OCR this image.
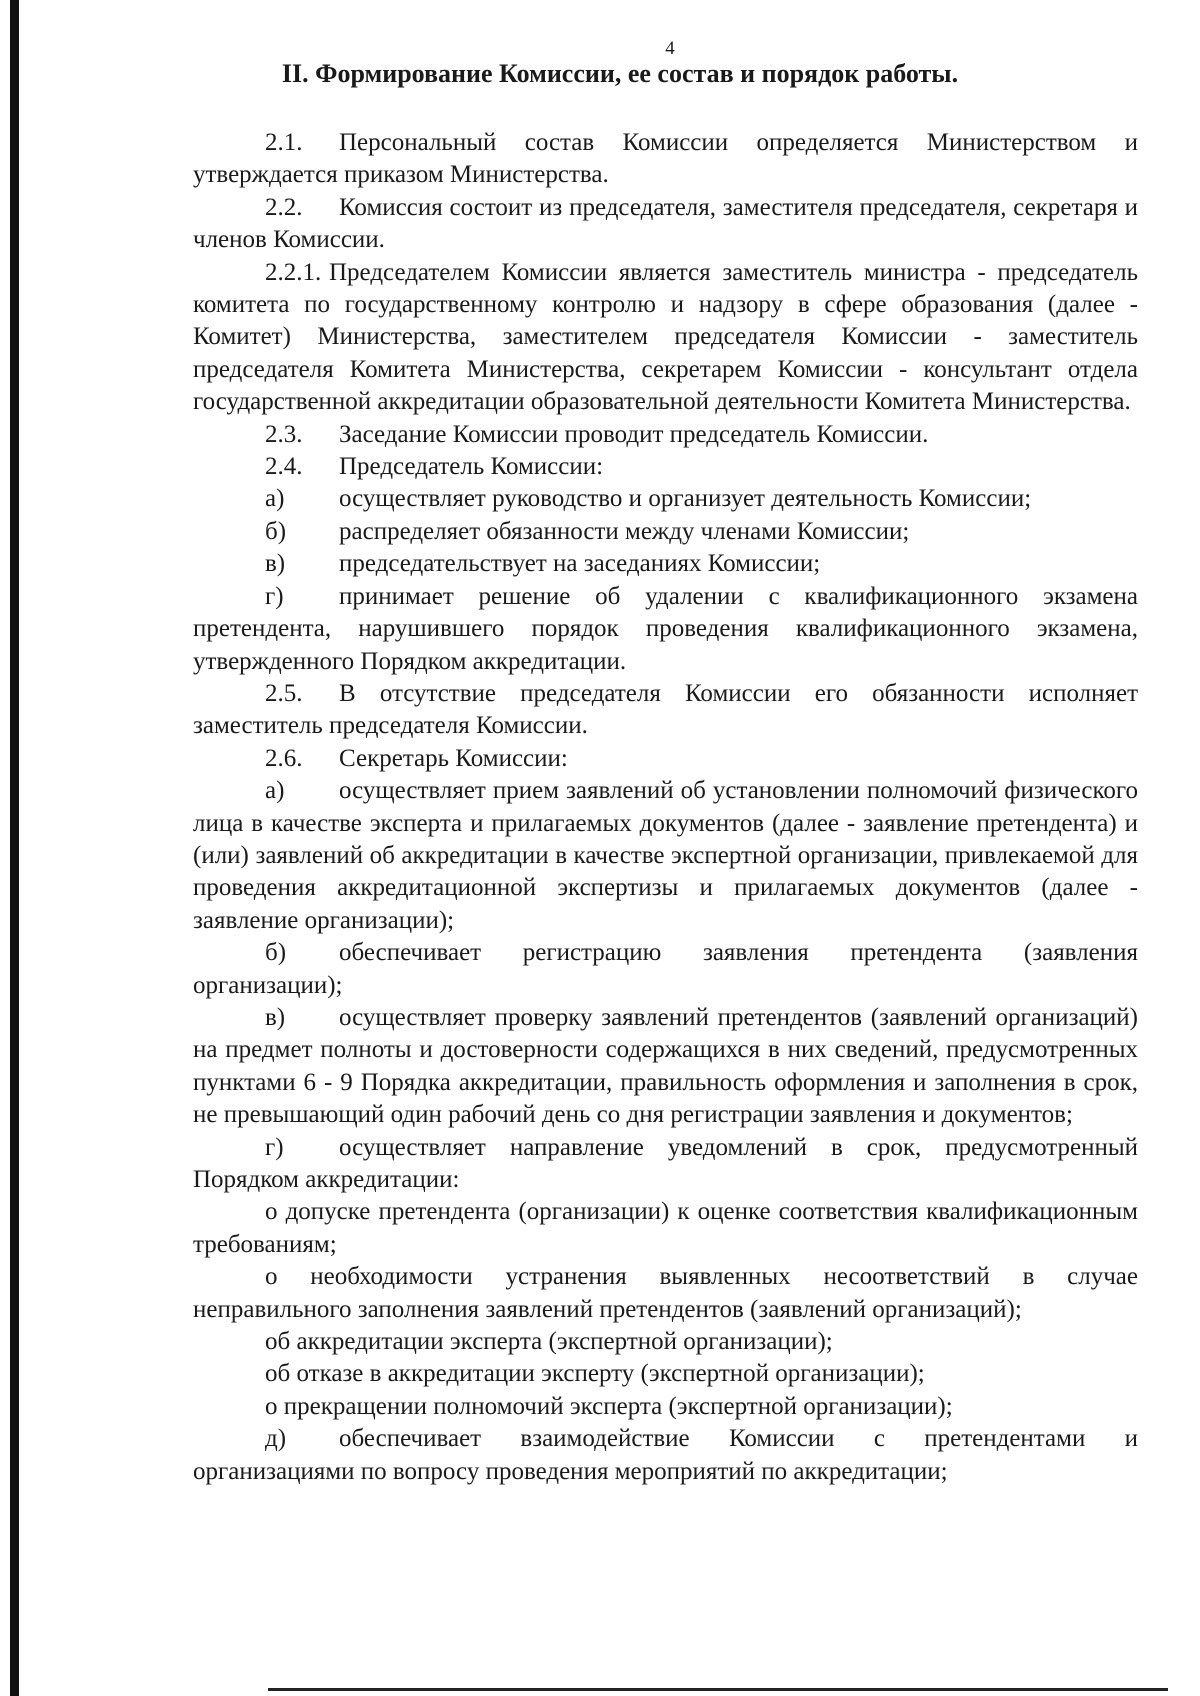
4
II. Формирование Комиссии, ее состав и порядок работы.

2.1. Персональный состав Комиссии определяется Министерством и утверждается приказом Министерства.

2.2. Комиссия состоит из председателя, заместителя председателя, секретаря и членов Комиссии.

2.2.1. Председателем Комиссии является заместитель министра - председатель комитета по государственному контролю и надзору в сфере образования (далее - Комитет) Министерства, заместителем председателя Комиссии - заместитель председателя Комитета Министерства, секретарем Комиссии - консультант отдела государственной аккредитации образовательной деятельности Комитета Министерства.

2.3. Заседание Комиссии проводит председатель Комиссии.

2.4. Председатель Комиссии:

а) осуществляет руководство и организует деятельность Комиссии;

б) распределяет обязанности между членами Комиссии;

в) председательствует на заседаниях Комиссии;

г) принимает решение об удалении с квалификационного экзамена претендента, нарушившего порядок проведения квалификационного экзамена, утвержденного Порядком аккредитации.

2.5. В отсутствие председателя Комиссии его обязанности исполняет заместитель председателя Комиссии.

2.6. Секретарь Комиссии:

а) осуществляет прием заявлений об установлении полномочий физического лица в качестве эксперта и прилагаемых документов (далее - заявление претендента) и (или) заявлений об аккредитации в качестве экспертной организации, привлекаемой для проведения аккредитационной экспертизы и прилагаемых документов (далее - заявление организации);

б) обеспечивает регистрацию заявления претендента (заявления организации);

в) осуществляет проверку заявлений претендентов (заявлений организаций) на предмет полноты и достоверности содержащихся в них сведений, предусмотренных пунктами 6 - 9 Порядка аккредитации, правильность оформления и заполнения в срок, не превышающий один рабочий день со дня регистрации заявления и документов;

г) осуществляет направление уведомлений в срок, предусмотренный Порядком аккредитации:

о допуске претендента (организации) к оценке соответствия квалификационным требованиям;

о необходимости устранения выявленных несоответствий в случае неправильного заполнения заявлений претендентов (заявлений организаций);

об аккредитации эксперта (экспертной организации);

об отказе в аккредитации эксперту (экспертной организации);

о прекращении полномочий эксперта (экспертной организации);

д) обеспечивает взаимодействие Комиссии с претендентами и организациями по вопросу проведения мероприятий по аккредитации;
